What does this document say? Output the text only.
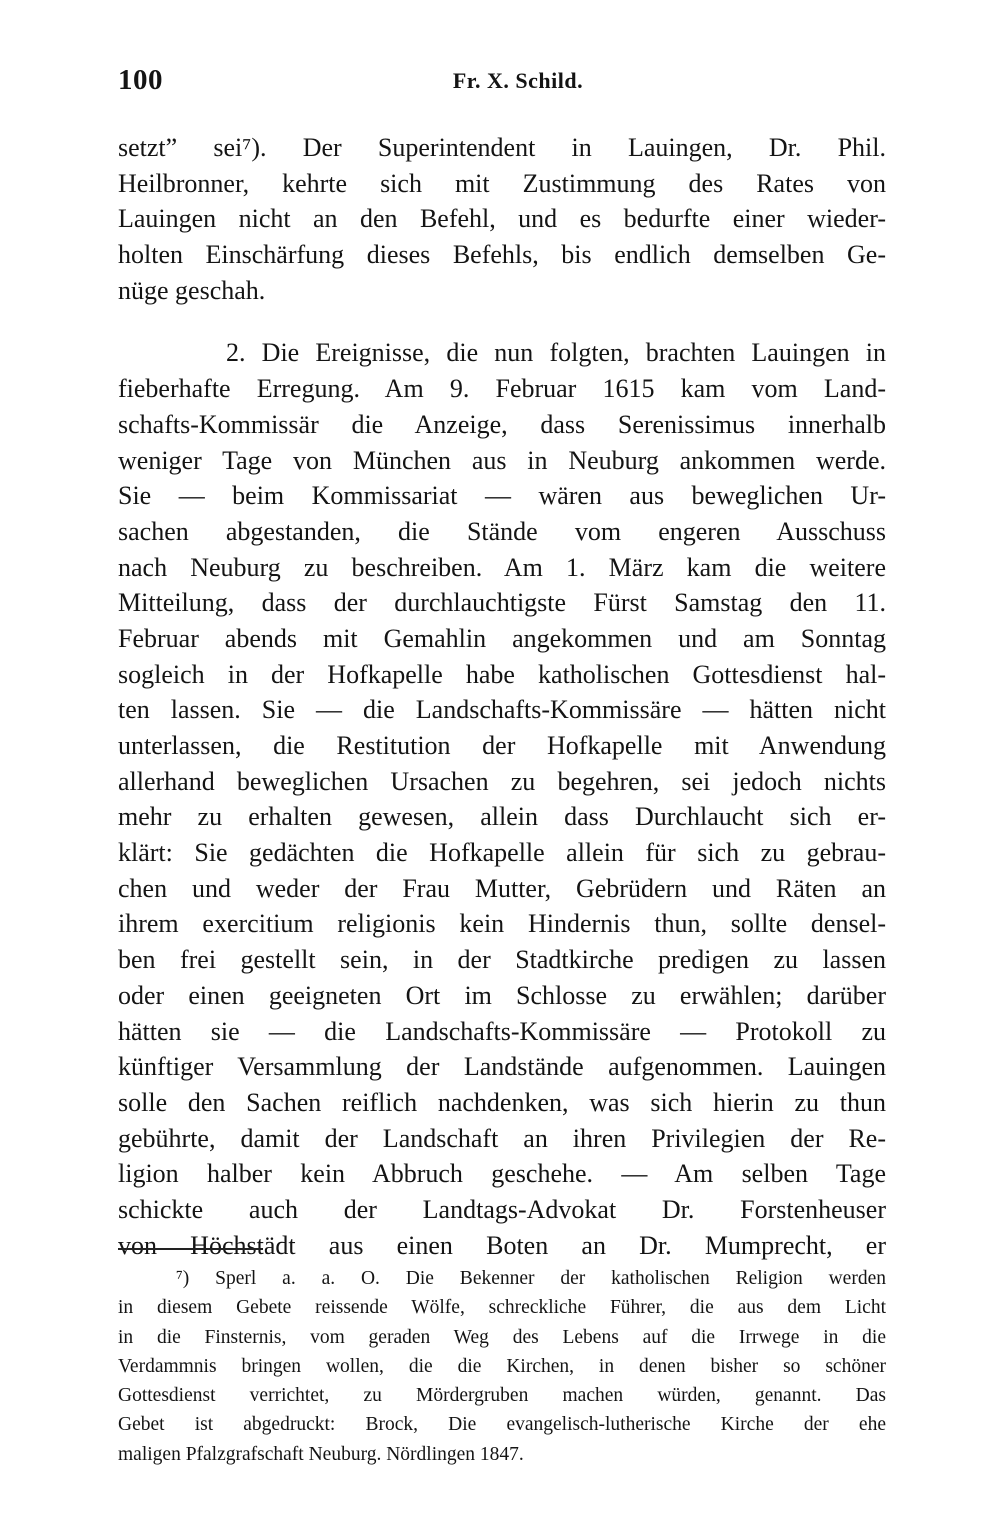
100	Fr. X. Schild.
setzt” sei⁷). Der Superintendent in Lauingen, Dr. Phil.
Heilbronner, kehrte sich mit Zustimmung des Rates von
Lauingen nicht an den Befehl, und es bedurfte einer wieder-
holten Einschärfung dieses Befehls, bis endlich demselben Ge-
nüge geschah.
2. Die Ereignisse, die nun folgten, brachten Lauingen in
fieberhafte Erregung. Am 9. Februar 1615 kam vom Land-
schafts-Kommissär die Anzeige, dass Serenissimus innerhalb
weniger Tage von München aus in Neuburg ankommen werde.
Sie — beim Kommissariat — wären aus beweglichen Ur-
sachen abgestanden, die Stände vom engeren Ausschuss
nach Neuburg zu beschreiben. Am 1. März kam die weitere
Mitteilung, dass der durchlauchtigste Fürst Samstag den 11.
Februar abends mit Gemahlin angekommen und am Sonntag
sogleich in der Hofkapelle habe katholischen Gottesdienst hal-
ten lassen. Sie — die Landschafts-Kommissäre — hätten nicht
unterlassen, die Restitution der Hofkapelle mit Anwendung
allerhand beweglichen Ursachen zu begehren, sei jedoch nichts
mehr zu erhalten gewesen, allein dass Durchlaucht sich er-
klärt: Sie gedächten die Hofkapelle allein für sich zu gebrau-
chen und weder der Frau Mutter, Gebrüdern und Räten an
ihrem exercitium religionis kein Hindernis thun, sollte densel-
ben frei gestellt sein, in der Stadtkirche predigen zu lassen
oder einen geeigneten Ort im Schlosse zu erwählen; darüber
hätten sie — die Landschafts-Kommissäre — Protokoll zu
künftiger Versammlung der Landstände aufgenommen. Lauingen
solle den Sachen reiflich nachdenken, was sich hierin zu thun
gebührte, damit der Landschaft an ihren Privilegien der Re-
ligion halber kein Abbruch geschehe. — Am selben Tage
schickte auch der Landtags-Advokat Dr. Forstenheuser
von Höchstädt aus einen Boten an Dr. Mumprecht, er
⁷) Sperl a. a. O. Die Bekenner der katholischen Religion werden
in diesem Gebete reissende Wölfe, schreckliche Führer, die aus dem Licht
in die Finsternis, vom geraden Weg des Lebens auf die Irrwege in die
Verdammnis bringen wollen, die die Kirchen, in denen bisher so schöner
Gottesdienst verrichtet, zu Mördergruben machen würden, genannt. Das
Gebet ist abgedruckt: Brock, Die evangelisch-lutherische Kirche der ehe
maligen Pfalzgrafschaft Neuburg. Nördlingen 1847.
